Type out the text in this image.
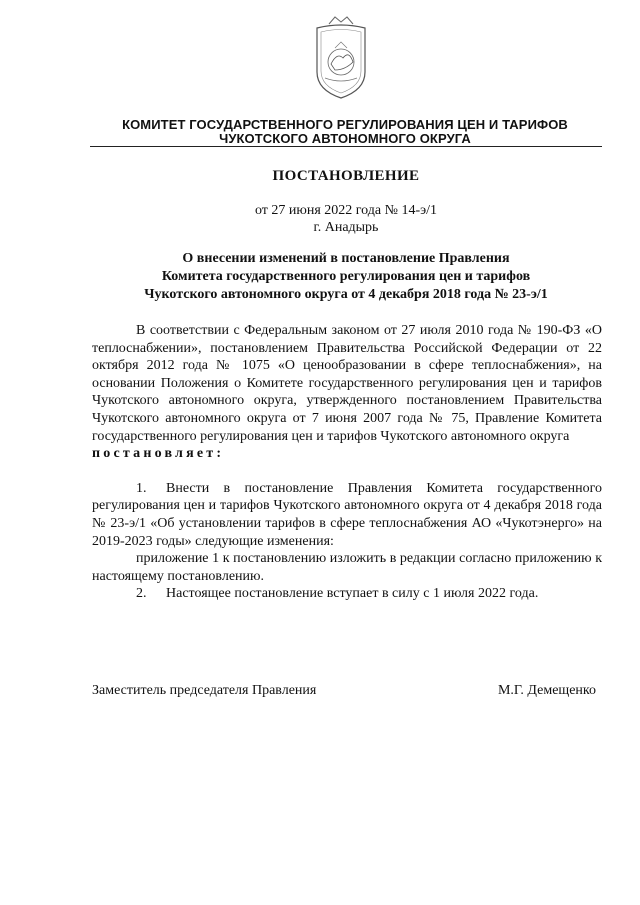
КОМИТЕТ ГОСУДАРСТВЕННОГО РЕГУЛИРОВАНИЯ ЦЕН И ТАРИФОВ
ЧУКОТСКОГО АВТОНОМНОГО ОКРУГА
ПОСТАНОВЛЕНИЕ
от 27 июня 2022 года № 14-э/1
г. Анадырь
О внесении изменений в постановление Правления
Комитета государственного регулирования цен и тарифов
Чукотского автономного округа от 4 декабря 2018 года № 23-э/1

В соответствии с Федеральным законом от 27 июля 2010 года № 190-ФЗ «О теплоснабжении», постановлением Правительства Российской Федерации от 22 октября 2012 года № 1075 «О ценообразовании в сфере теплоснабжения», на основании Положения о Комитете государственного регулирования цен и тарифов Чукотского автономного округа, утвержденного постановлением Правительства Чукотского автономного округа от 7 июня 2007 года № 75, Правление Комитета государственного регулирования цен и тарифов Чукотского автономного округа

постановляет:

1. Внести в постановление Правления Комитета государственного регулирования цен и тарифов Чукотского автономного округа от 4 декабря 2018 года № 23-э/1 «Об установлении тарифов в сфере теплоснабжения АО «Чукотэнерго» на 2019-2023 годы» следующие изменения:

приложение 1 к постановлению изложить в редакции согласно приложению к настоящему постановлению.

2. Настоящее постановление вступает в силу с 1 июля 2022 года.

Заместитель председателя Правления	М.Г. Демещенко
